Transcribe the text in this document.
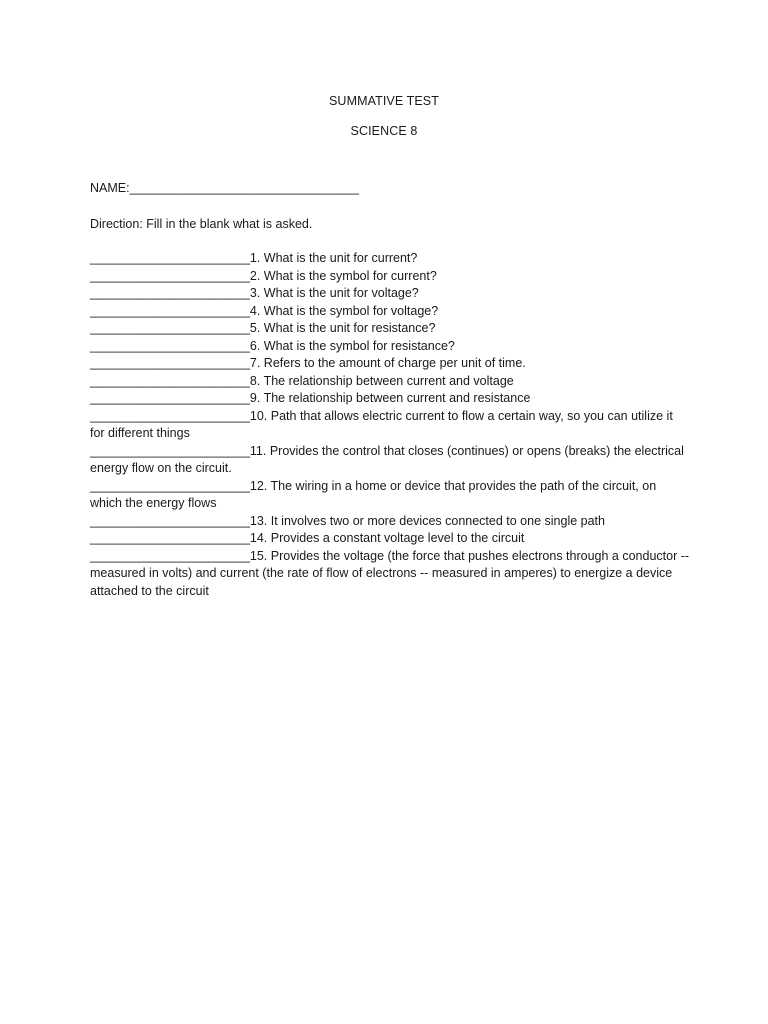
SUMMATIVE TEST
SCIENCE 8
NAME:_________________________________
Direction: Fill in the blank what is asked.
_______________________1. What is the unit for current?
_______________________2. What is the symbol for current?
_______________________3. What is the unit for voltage?
_______________________4. What is the symbol for voltage?
_______________________5. What is the unit for resistance?
_______________________6. What is the symbol for resistance?
_______________________7. Refers to the amount of charge per unit of time.
_______________________8. The relationship between current and voltage
_______________________9. The relationship between current and resistance
_______________________10. Path that allows electric current to flow a certain way, so you can utilize it for different things
_______________________11. Provides the control that closes (continues) or opens (breaks) the electrical energy flow on the circuit.
_______________________12. The wiring in a home or device that provides the path of the circuit, on which the energy flows
_______________________13. It involves two or more devices connected to one single path
_______________________14. Provides a constant voltage level to the circuit
_______________________15. Provides the voltage (the force that pushes electrons through a conductor -- measured in volts) and current (the rate of flow of electrons -- measured in amperes) to energize a device attached to the circuit
